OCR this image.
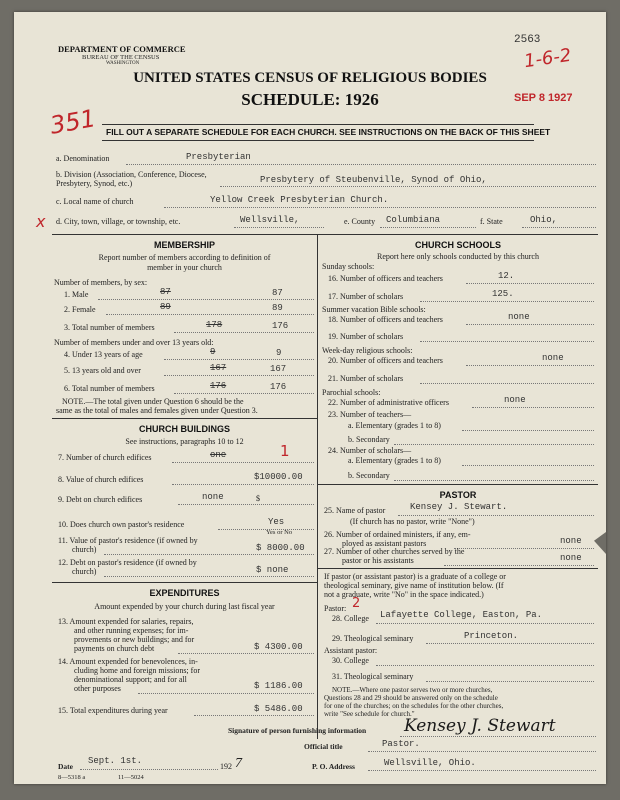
DEPARTMENT OF COMMERCE
BUREAU OF THE CENSUS
WASHINGTON
UNITED STATES CENSUS OF RELIGIOUS BODIES
SCHEDULE: 1926
2563
1-6-2
SEP 8 1927
351 FILL OUT A SEPARATE SCHEDULE FOR EACH CHURCH. SEE INSTRUCTIONS ON THE BACK OF THIS SHEET
a. Denomination	Presbyterian
b. Division (Association, Conference, Diocese, Presbytery, Synod, etc.)	Presbytery of Steubenville, Synod of Ohio,
c. Local name of church	Yellow Creek Presbyterian Church.
x d. City, town, village, or township, etc.	Wellsville,	e. County Columbiana	f. State	Ohio,
MEMBERSHIP
Report number of members according to definition of
member in your church
Number of members, by sex:
1. Male	87	87
2. Female	89	89
3. Total number of members	178	176
Number of members under and over 13 years old:
4. Under 13 years of age	9	9
5. 13 years old and over	167	167
6. Total number of members	176	176
NOTE.—The total given under Question 6 should be the
same as the total of males and females given under Question 3.
CHURCH BUILDINGS
See instructions, paragraphs 10 to 12
7. Number of church edifices	one	1
8. Value of church edifices	$10000.00
9. Debt on church edifices	none	$
10. Does church own pastor's residence	Yes
Yes or No
11. Value of pastor's residence (if owned by
church)	$ 8000.00
12. Debt on pastor's residence (if owned by
church)	$ none
EXPENDITURES
Amount expended by your church during last fiscal year
13. Amount expended for salaries, repairs,
and other running expenses; for im-
provements or new buildings; and for
payments on church debt	$ 4300.00
14. Amount expended for benevolences, in-
cluding home and foreign missions; for
denominational support; and for all
other purposes	$ 1186.00
15. Total expenditures during year	$ 5486.00
CHURCH SCHOOLS
Report here only schools conducted by this church
Sunday schools:
16. Number of officers and teachers	12.
17. Number of scholars	125.
Summer vacation Bible schools:
18. Number of officers and teachers	none
19. Number of scholars
Week-day religious schools:
20. Number of officers and teachers	none
21. Number of scholars
Parochial schools:
22. Number of administrative officers	none
23. Number of teachers—
a. Elementary (grades 1 to 8)
b. Secondary
24. Number of scholars—
a. Elementary (grades 1 to 8)
b. Secondary
PASTOR
25. Name of pastor	Kensey J. Stewart.
(If church has no pastor, write "None")
26. Number of ordained ministers, if any, em-
ployed as assistant pastors	none
27. Number of other churches served by the
pastor or his assistants	none
If pastor (or assistant pastor) is a graduate of a college or
theological seminary, give name of institution below. (If
not a graduate, write "No" in the space indicated.)
Pastor: 2
28. College Lafayette College, Easton, Pa.
29. Theological seminary	Princeton.
Assistant pastor:
30. College
31. Theological seminary
NOTE.—Where one pastor serves two or more churches,
Questions 28 and 29 should be answered only on the schedule
for one of the churches; on the schedules for the other churches,
write "See schedule for church."
Signature of person furnishing information Kensey J. Stewart
Official title	Pastor.
Date
Sept. 1st.
192 7	P. O. Address	Wellsville, Ohio.
8—5318 a	11—5024
